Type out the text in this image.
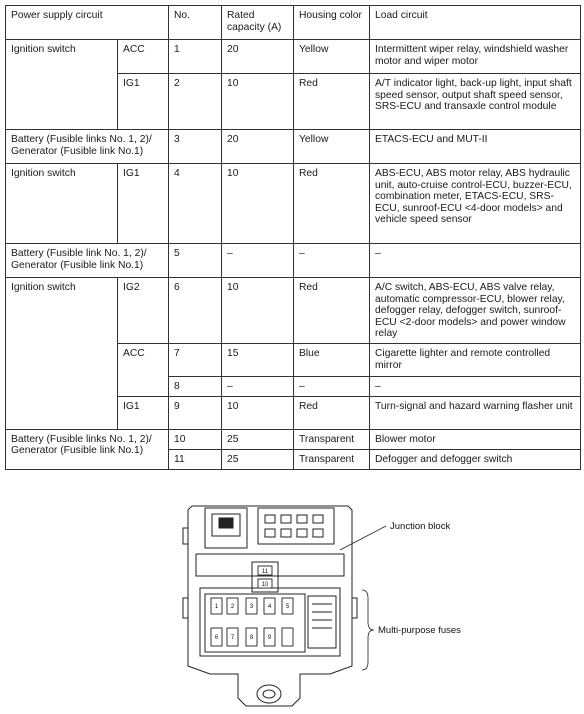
Power supply circuit		No.	Rated capacity (A)	Housing color	Load circuit
Ignition switch	ACC	1	20	Yellow	Intermittent wiper relay, windshield washer motor and wiper motor
	IG1	2	10	Red	A/T indicator light, back-up light, input shaft speed sensor, output shaft speed sensor, SRS-ECU and transaxle control module
Battery (Fusible links No. 1, 2)/ Generator (Fusible link No.1)		3	20	Yellow	ETACS-ECU and MUT-II
Ignition switch	IG1	4	10	Red	ABS-ECU, ABS motor relay, ABS hydraulic unit, auto-cruise control-ECU, buzzer-ECU, combination meter, ETACS-ECU, SRS-ECU, sunroof-ECU <4-door models> and vehicle speed sensor
Battery (Fusible link No. 1, 2)/ Generator (Fusible link No.1)		5	–	–	–
Ignition switch	IG2	6	10	Red	A/C switch, ABS-ECU, ABS valve relay, automatic compressor-ECU, blower relay, defogger relay, defogger switch, sunroof-ECU <2-door models> and power window relay
	ACC	7	15	Blue	Cigarette lighter and remote controlled mirror
		8	–	–	–
	IG1	9	10	Red	Turn-signal and hazard warning flasher unit
Battery (Fusible links No. 1, 2)/ Generator (Fusible link No.1)		10	25	Transparent	Blower motor
		11	25	Transparent	Defogger and defogger switch
11
10
1 2	3 4 5
6 7	8 9
Junction block
Multi-purpose fuses
